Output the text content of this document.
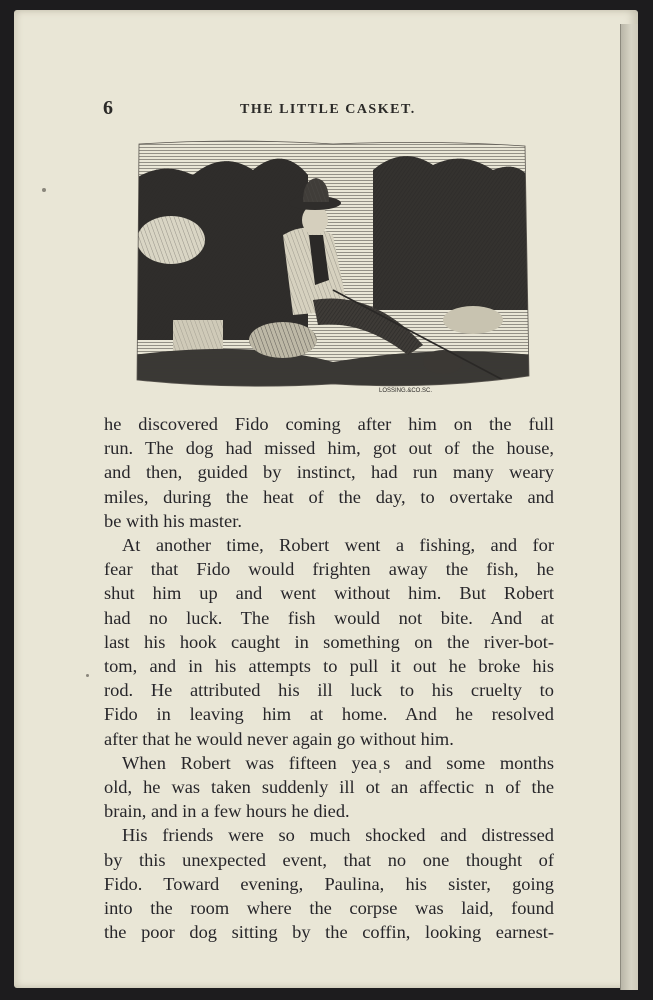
6	THE LITTLE CASKET.
LOSSING.&CO.SC.
he discovered Fido coming after him on the full
run. The dog had missed him, got out of the house,
and then, guided by instinct, had run many weary
miles, during the heat of the day, to overtake and
be with his master.
At another time, Robert went a fishing, and for
fear that Fido would frighten away the fish, he
shut him up and went without him. But Robert
had no luck. The fish would not bite. And at
last his hook caught in something on the river-bot-
tom, and in his attempts to pull it out he broke his
rod. He attributed his ill luck to his cruelty to
Fido in leaving him at home. And he resolved
after that he would never again go without him.
When Robert was fifteen yeaˌs and some months
old, he was taken suddenly ill ot an affectic n of the
brain, and in a few hours he died.
His friends were so much shocked and distressed
by this unexpected event, that no one thought of
Fido. Toward evening, Paulina, his sister, going
into the room where the corpse was laid, found
the poor dog sitting by the coffin, looking earnest-
